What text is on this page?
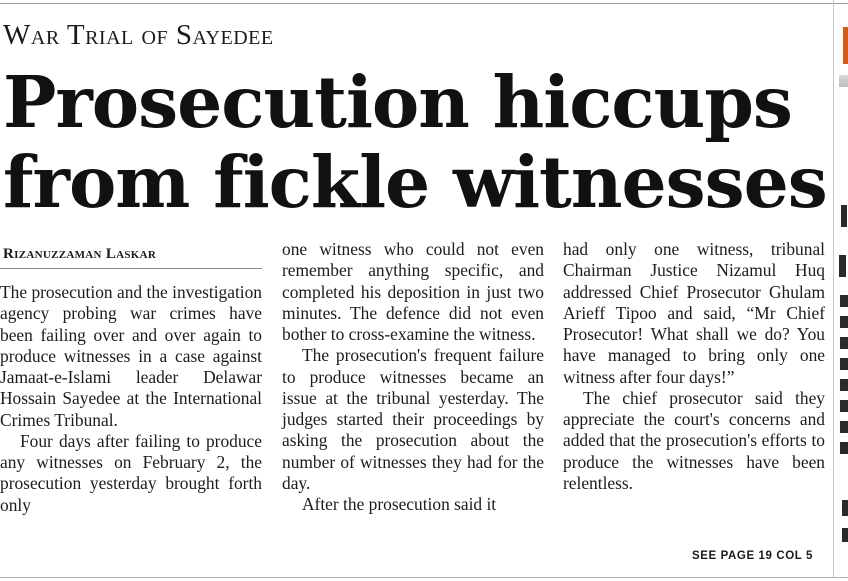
War Trial of Sayedee
Prosecution hiccups
from fickle witnesses
Rizanuzzaman Laskar

The prosecution and the investigation agency probing war crimes have been failing over and over again to produce witnesses in a case against Jamaat-e-Islami leader Delawar Hossain Sayedee at the International Crimes Tribunal.

Four days after failing to produce any witnesses on February 2, the prosecution yesterday brought forth only

one witness who could not even remember anything specific, and completed his deposition in just two minutes. The defence did not even bother to cross-examine the witness.

The prosecution's frequent failure to produce witnesses became an issue at the tribunal yesterday. The judges started their proceedings by asking the prosecution about the number of witnesses they had for the day.

After the prosecution said it

had only one witness, tribunal Chairman Justice Nizamul Huq addressed Chief Prosecutor Ghulam Arieff Tipoo and said, “Mr Chief Prosecutor! What shall we do? You have managed to bring only one witness after four days!”

The chief prosecutor said they appreciate the court's concerns and added that the prosecution's efforts to produce the witnesses have been relentless.

SEE PAGE 19 COL 5
